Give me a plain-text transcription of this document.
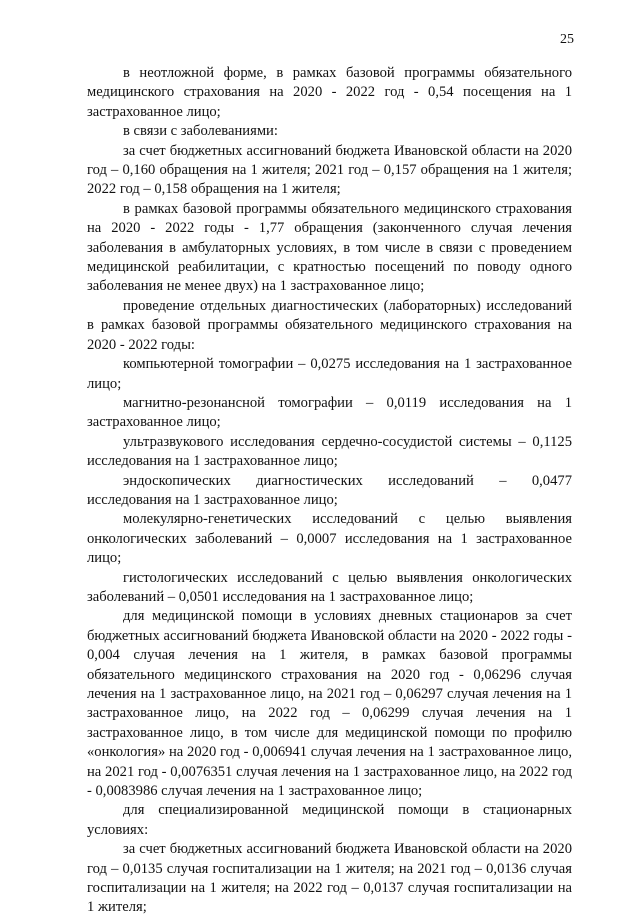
25

в неотложной форме, в рамках базовой программы обязательного медицинского страхования на 2020 - 2022 год - 0,54 посещения на 1 застрахованное лицо;

в связи с заболеваниями:

за счет бюджетных ассигнований бюджета Ивановской области на 2020 год – 0,160 обращения на 1 жителя; 2021 год – 0,157 обращения на 1 жителя; 2022 год – 0,158 обращения на 1 жителя;

в рамках базовой программы обязательного медицинского страхования на 2020 - 2022 годы - 1,77 обращения (законченного случая лечения заболевания в амбулаторных условиях, в том числе в связи с проведением медицинской реабилитации, с кратностью посещений по поводу одного заболевания не менее двух) на 1 застрахованное лицо;

проведение отдельных диагностических (лабораторных) исследований в рамках базовой программы обязательного медицинского страхования на 2020 - 2022 годы:

компьютерной томографии – 0,0275 исследования на 1 застрахованное лицо;

магнитно-резонансной томографии – 0,0119 исследования на 1 застрахованное лицо;

ультразвукового исследования сердечно-сосудистой системы – 0,1125 исследования на 1 застрахованное лицо;

эндоскопических диагностических исследований – 0,0477 исследования на 1 застрахованное лицо;

молекулярно-генетических исследований с целью выявления онкологических заболеваний – 0,0007 исследования на 1 застрахованное лицо;

гистологических исследований с целью выявления онкологических заболеваний – 0,0501 исследования на 1 застрахованное лицо;

для медицинской помощи в условиях дневных стационаров за счет бюджетных ассигнований бюджета Ивановской области на 2020 - 2022 годы - 0,004 случая лечения на 1 жителя, в рамках базовой программы обязательного медицинского страхования на 2020 год - 0,06296 случая лечения на 1 застрахованное лицо, на 2021 год – 0,06297 случая лечения на 1 застрахованное лицо, на 2022 год – 0,06299 случая лечения на 1 застрахованное лицо, в том числе для медицинской помощи по профилю «онкология» на 2020 год - 0,006941 случая лечения на 1 застрахованное лицо, на 2021 год - 0,0076351 случая лечения на 1 застрахованное лицо, на 2022 год - 0,0083986 случая лечения на 1 застрахованное лицо;

для специализированной медицинской помощи в стационарных условиях:

за счет бюджетных ассигнований бюджета Ивановской области на 2020 год – 0,0135 случая госпитализации на 1 жителя; на 2021 год – 0,0136 случая госпитализации на 1 жителя; на 2022 год – 0,0137 случая госпитализации на 1 жителя;
